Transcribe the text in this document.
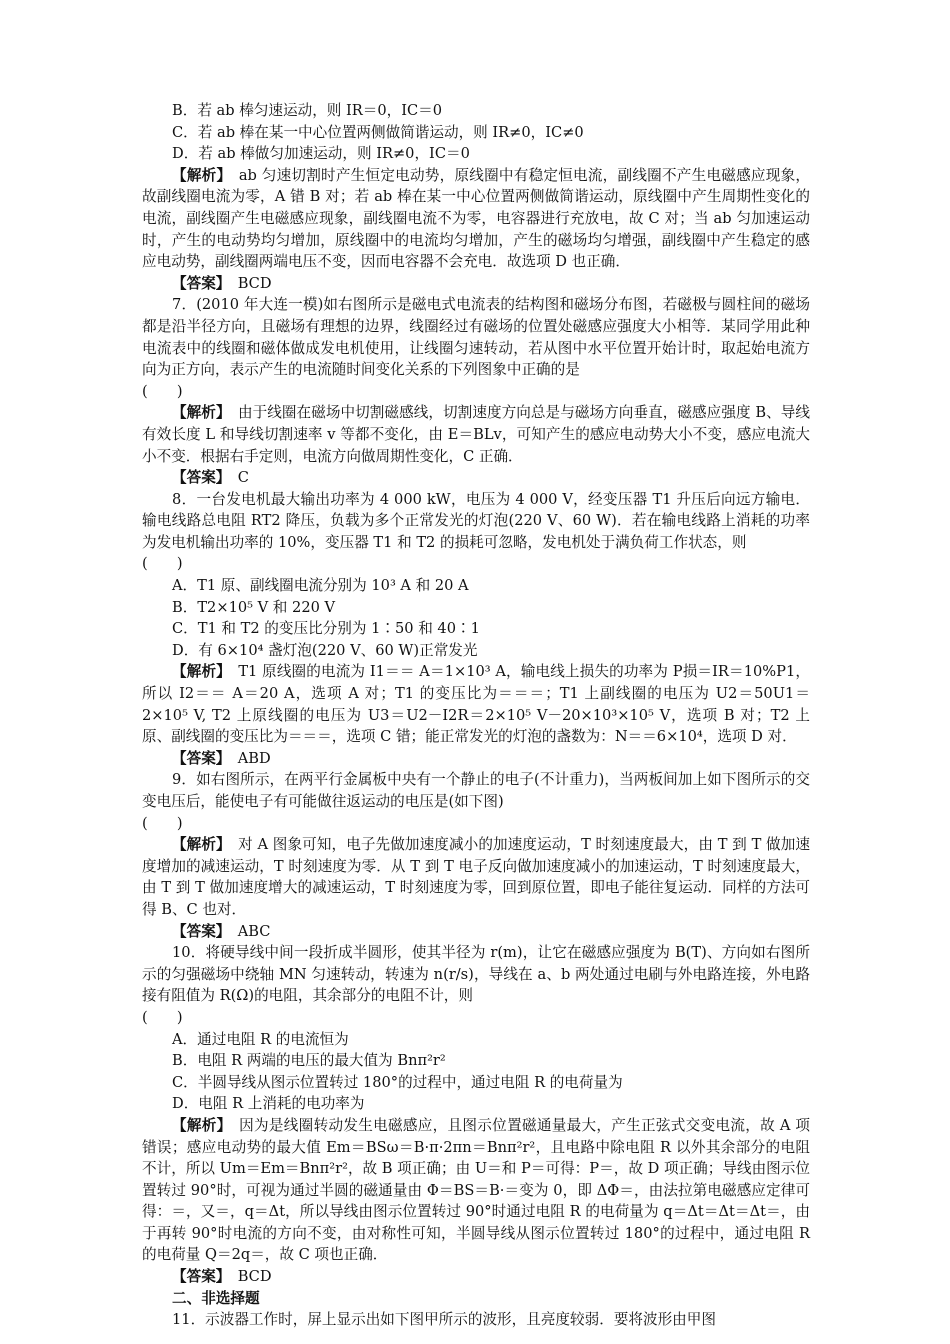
B．若 ab 棒匀速运动，则 IR＝0，IC＝0

C．若 ab 棒在某一中心位置两侧做简谐运动，则 IR≠0，IC≠0

D．若 ab 棒做匀加速运动，则 IR≠0，IC＝0

【解析】　 ab 匀速切割时产生恒定电动势，原线圈中有稳定恒电流，副线圈不产生电磁感应现象，故副线圈电流为零，A 错 B 对；若 ab 棒在某一中心位置两侧做简谐运动，原线圈中产生周期性变化的电流，副线圈产生电磁感应现象，副线圈电流不为零，电容器进行充放电，故 C 对；当 ab 匀加速运动时，产生的电动势均匀增加，原线圈中的电流均匀增加，产生的磁场均匀增强，副线圈中产生稳定的感应电动势，副线圈两端电压不变，因而电容器不会充电．故选项 D 也正确．

【答案】　 BCD

7．(2010 年大连一模)如右图所示是磁电式电流表的结构图和磁场分布图，若磁极与圆柱间的磁场都是沿半径方向，且磁场有理想的边界，线圈经过有磁场的位置处磁感应强度大小相等．某同学用此种电流表中的线圈和磁体做成发电机使用，让线圈匀速转动，若从图中水平位置开始计时，取起始电流方向为正方向，表示产生的电流随时间变化关系的下列图象中正确的是

(　　)

【解析】　 由于线圈在磁场中切割磁感线，切割速度方向总是与磁场方向垂直，磁感应强度 B、导线有效长度 L 和导线切割速率 v 等都不变化，由 E＝BLv，可知产生的感应电动势大小不变，感应电流大小不变．根据右手定则，电流方向做周期性变化，C 正确．

【答案】　 C

8．一台发电机最大输出功率为 4 000 kW，电压为 4 000 V，经变压器 T1 升压后向远方输电．输电线路总电阻 RT2 降压，负载为多个正常发光的灯泡(220 V、60 W)．若在输电线路上消耗的功率为发电机输出功率的 10%，变压器 T1 和 T2 的损耗可忽略，发电机处于满负荷工作状态，则

(　　)

A．T1 原、副线圈电流分别为 10³ A 和 20 A

B．T2×10⁵ V 和 220 V

C．T1 和 T2 的变压比分别为 1∶50 和 40∶1

D．有 6×10⁴ 盏灯泡(220 V、60 W)正常发光

【解析】　 T1 原线圈的电流为 I1＝＝ A＝1×10³ A，输电线上损失的功率为 P损＝IR＝10%P1，所以 I2＝＝ A＝20 A，选项 A 对；T1 的变压比为＝＝＝；T1 上副线圈的电压为 U2＝50U1＝2×10⁵ V, T2 上原线圈的电压为 U3＝U2－I2R＝2×10⁵ V－20×10³×10⁵ V，选项 B 对；T2 上原、副线圈的变压比为＝＝＝，选项 C 错；能正常发光的灯泡的盏数为：N＝＝6×10⁴，选项 D 对．

【答案】　 ABD

9．如右图所示，在两平行金属板中央有一个静止的电子(不计重力)，当两板间加上如下图所示的交变电压后，能使电子有可能做往返运动的电压是(如下图)

(　　)

【解析】　 对 A 图象可知，电子先做加速度减小的加速度运动，T 时刻速度最大，由 T 到 T 做加速度增加的减速运动，T 时刻速度为零．从 T 到 T 电子反向做加速度减小的加速运动，T 时刻速度最大，由 T 到 T 做加速度增大的减速运动，T 时刻速度为零，回到原位置，即电子能往复运动．同样的方法可得 B、C 也对．

【答案】　 ABC

10．将硬导线中间一段折成半圆形，使其半径为 r(m)，让它在磁感应强度为 B(T)、方向如右图所示的匀强磁场中绕轴 MN 匀速转动，转速为 n(r/s)，导线在 a、b 两处通过电刷与外电路连接，外电路接有阻值为 R(Ω)的电阻，其余部分的电阻不计，则

(　　)

A．通过电阻 R 的电流恒为

B．电阻 R 两端的电压的最大值为 Bnπ²r²

C．半圆导线从图示位置转过 180°的过程中，通过电阻 R 的电荷量为

D．电阻 R 上消耗的电功率为

【解析】　 因为是线圈转动发生电磁感应，且图示位置磁通量最大，产生正弦式交变电流，故 A 项错误；感应电动势的最大值 Em＝BSω＝B·π·2πn＝Bnπ²r²，且电路中除电阻 R 以外其余部分的电阻不计，所以 Um＝Em＝Bnπ²r²，故 B 项正确；由 U＝和 P＝可得：P＝，故 D 项正确；导线由图示位置转过 90°时，可视为通过半圆的磁通量由 Φ＝BS＝B·＝变为 0，即 ΔΦ＝，由法拉第电磁感应定律可得：＝，又＝，q＝Δt，所以导线由图示位置转过 90°时通过电阻 R 的电荷量为 q＝Δt＝Δt＝Δt＝，由于再转 90°时电流的方向不变，由对称性可知，半圆导线从图示位置转过 180°的过程中，通过电阻 R 的电荷量 Q＝2q＝，故 C 项也正确．

【答案】　 BCD

二、非选择题

11．示波器工作时，屏上显示出如下图甲所示的波形，且亮度较弱．要将波形由甲图
